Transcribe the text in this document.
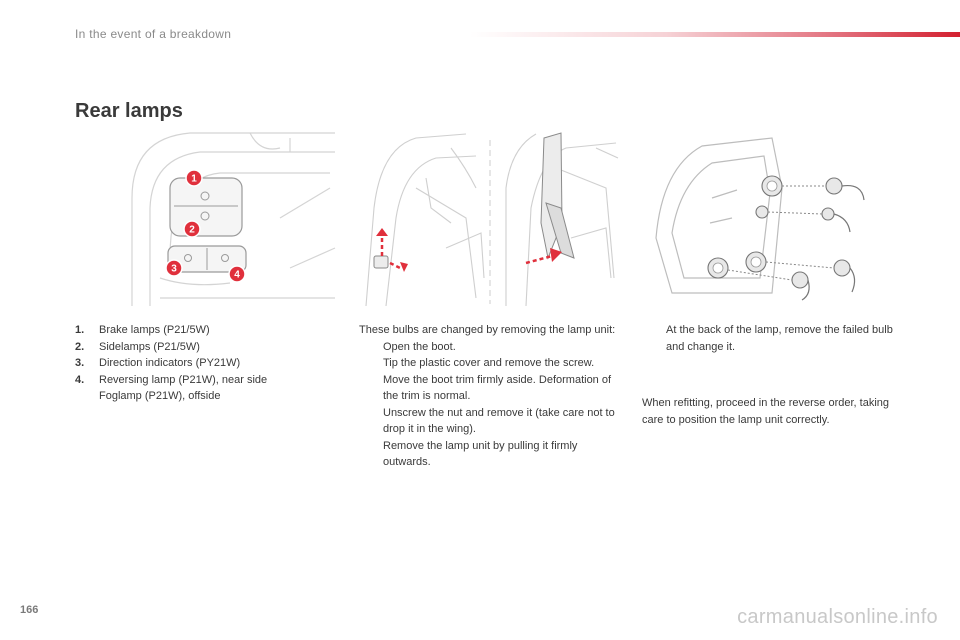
In the event of a breakdown
Rear lamps
1
2
3
4
1.	Brake lamps (P21/5W)
2.	Sidelamps (P21/5W)
3.	Direction indicators (PY21W)
4.	Reversing lamp (P21W), near side Foglamp (P21W), offside
These bulbs are changed by removing the lamp unit:
Open the boot.
Tip the plastic cover and remove the screw.
Move the boot trim firmly aside. Deformation of the trim is normal.
Unscrew the nut and remove it (take care not to drop it in the wing).
Remove the lamp unit by pulling it firmly outwards.
At the back of the lamp, remove the failed bulb and change it.
When refitting, proceed in the reverse order, taking care to position the lamp unit correctly.
166	carmanualsonline.info
